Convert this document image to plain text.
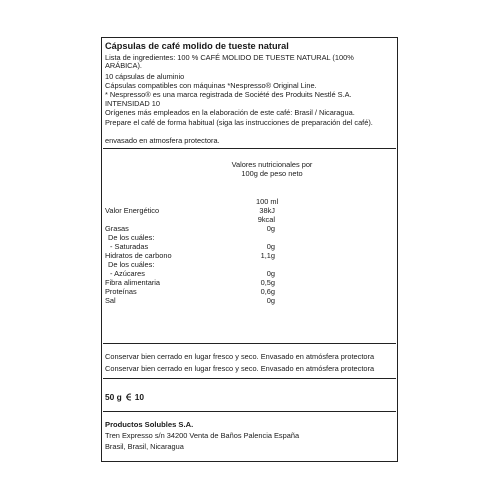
Cápsulas de café molido de tueste natural
Lista de ingredientes: 100 % CAFÉ MOLIDO DE TUESTE NATURAL (100%
ARÁBICA).
10 cápsulas de aluminio
Cápsulas compatibles con máquinas *Nespresso® Original Line.
* Nespresso® es una marca registrada de Société des Produits Nestlé S.A.
INTENSIDAD 10
Orígenes más empleados en la elaboración de este café: Brasil / Nicaragua.
Prepare el café de forma habitual (siga las instrucciones de preparación del café).
envasado en atmosfera protectora.
Valores nutricionales por
100g de peso neto
100 ml
Valor Energético	38kJ
9kcal
Grasas	0g
De los cuáles:
- Saturadas	0g
Hidratos de carbono	1,1g
De los cuáles:
- Azúcares	0g
Fibra alimentaria	0,5g
Proteínas	0,6g
Sal	0g
Conservar bien cerrado en lugar fresco y seco. Envasado en atmósfera protectora
Conservar bien cerrado en lugar fresco y seco. Envasado en atmósfera protectora
50 g 10
Productos Solubles S.A.
Tren Expresso s/n 34200 Venta de Baños Palencia España
Brasil, Brasil, Nicaragua
